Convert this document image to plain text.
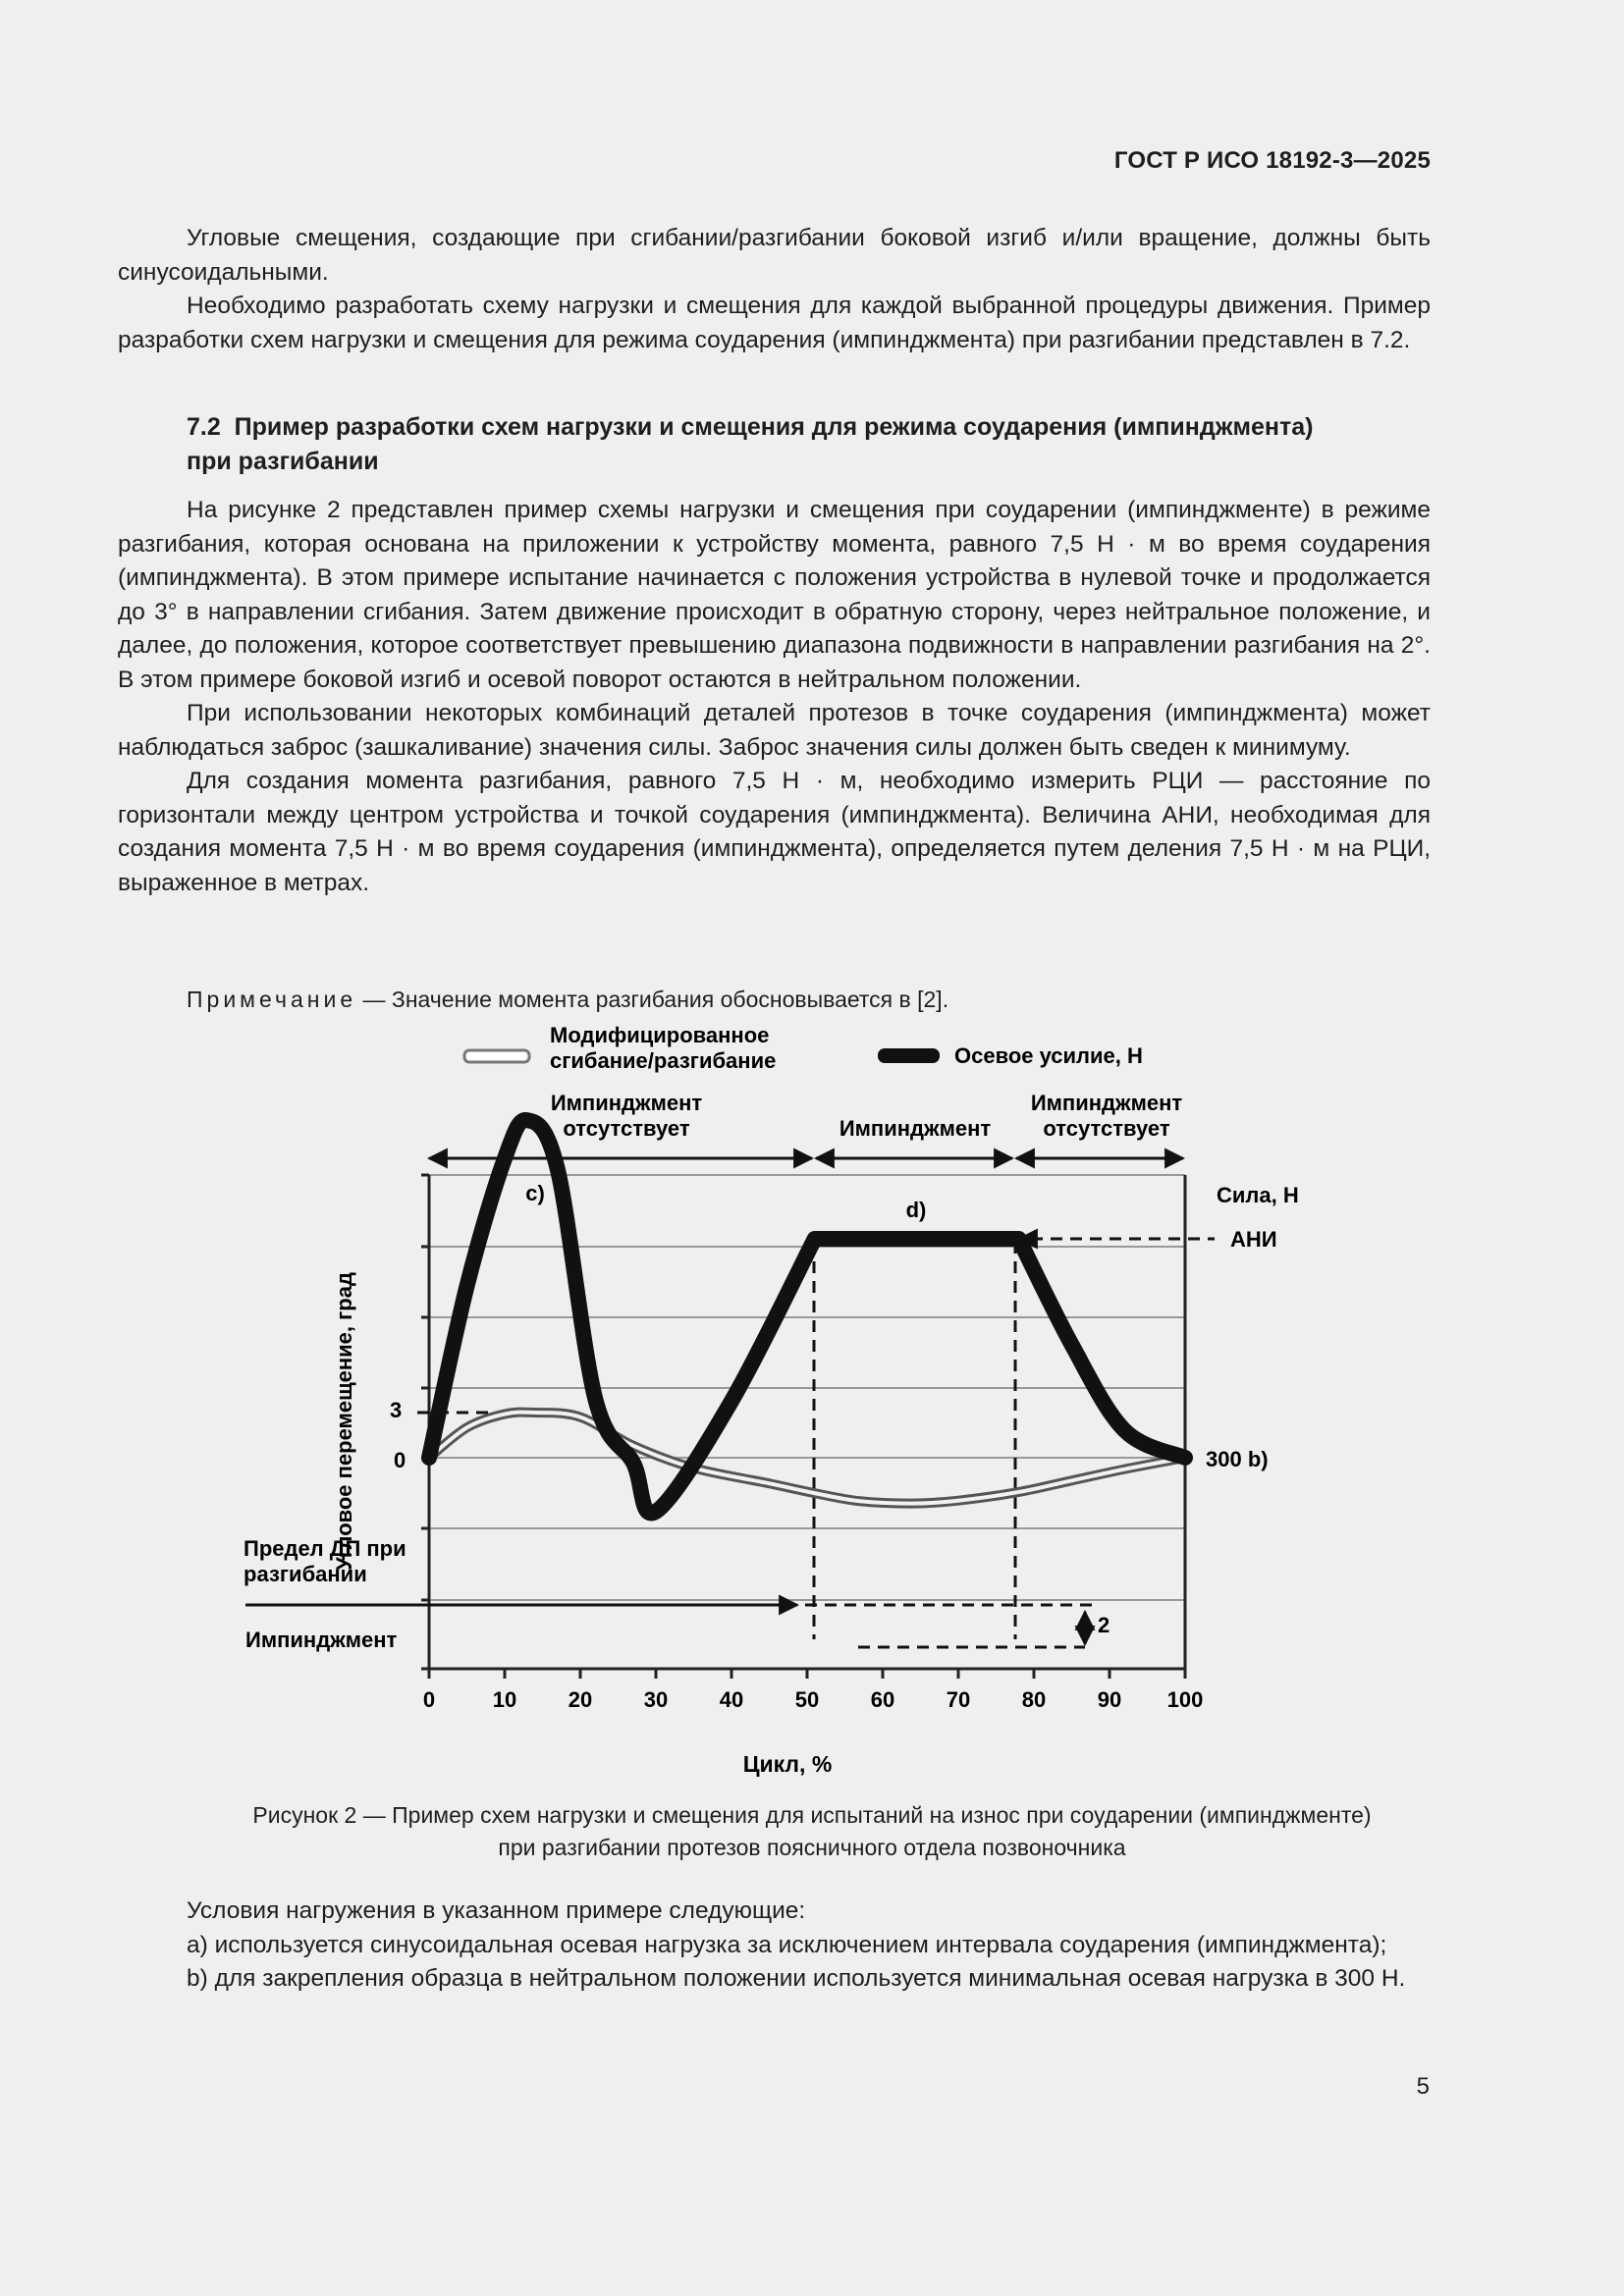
ГОСТ Р ИСО 18192-3—2025

Угловые смещения, создающие при сгибании/разгибании боковой изгиб и/или вращение, должны быть синусоидальными.

Необходимо разработать схему нагрузки и смещения для каждой выбранной процедуры движения. Пример разработки схем нагрузки и смещения для режима соударения (импинджмента) при разгибании представлен в 7.2.

7.2 Пример разработки схем нагрузки и смещения для режима соударения (импинджмента) при разгибании

На рисунке 2 представлен пример схемы нагрузки и смещения при соударении (импинджменте) в режиме разгибания, которая основана на приложении к устройству момента, равного 7,5 Н · м во время соударения (импинджмента). В этом примере испытание начинается с положения устройства в нулевой точке и продолжается до 3° в направлении сгибания. Затем движение происходит в обратную сторону, через нейтральное положение, и далее, до положения, которое соответствует превышению диапазона подвижности в направлении разгибания на 2°. В этом примере боковой изгиб и осевой поворот остаются в нейтральном положении.

При использовании некоторых комбинаций деталей протезов в точке соударения (импинджмента) может наблюдаться заброс (зашкаливание) значения силы. Заброс значения силы должен быть сведен к минимуму.

Для создания момента разгибания, равного 7,5 Н · м, необходимо измерить РЦИ — расстояние по горизонтали между центром устройства и точкой соударения (импинджмента). Величина АНИ, необходимая для создания момента 7,5 Н · м во время соударения (импинджмента), определяется путем деления 7,5 Н · м на РЦИ, выраженное в метрах.

Примечание — Значение момента разгибания обосновывается в [2].
Модифицированное
сгибание/разгибание	Осевое усилие, Н
Импинджмент
отсутствует	Импинджмент
Импинджмент
отсутствует
0	10 20 30 40 50 60 70 80 90 100
c)
d)
Сила, Н
АНИ
300 b)
3
0
Предел ДП при
разгибании
Импинджмент
2
Угловое перемещение, град
Цикл, %
Рисунок 2 — Пример схем нагрузки и смещения для испытаний на износ при соударении (импинджменте)
при разгибании протезов поясничного отдела позвоночника

Условия нагружения в указанном примере следующие:

a) используется синусоидальная осевая нагрузка за исключением интервала соударения (импинджмента);

b) для закрепления образца в нейтральном положении используется минимальная осевая нагрузка в 300 Н.

5
